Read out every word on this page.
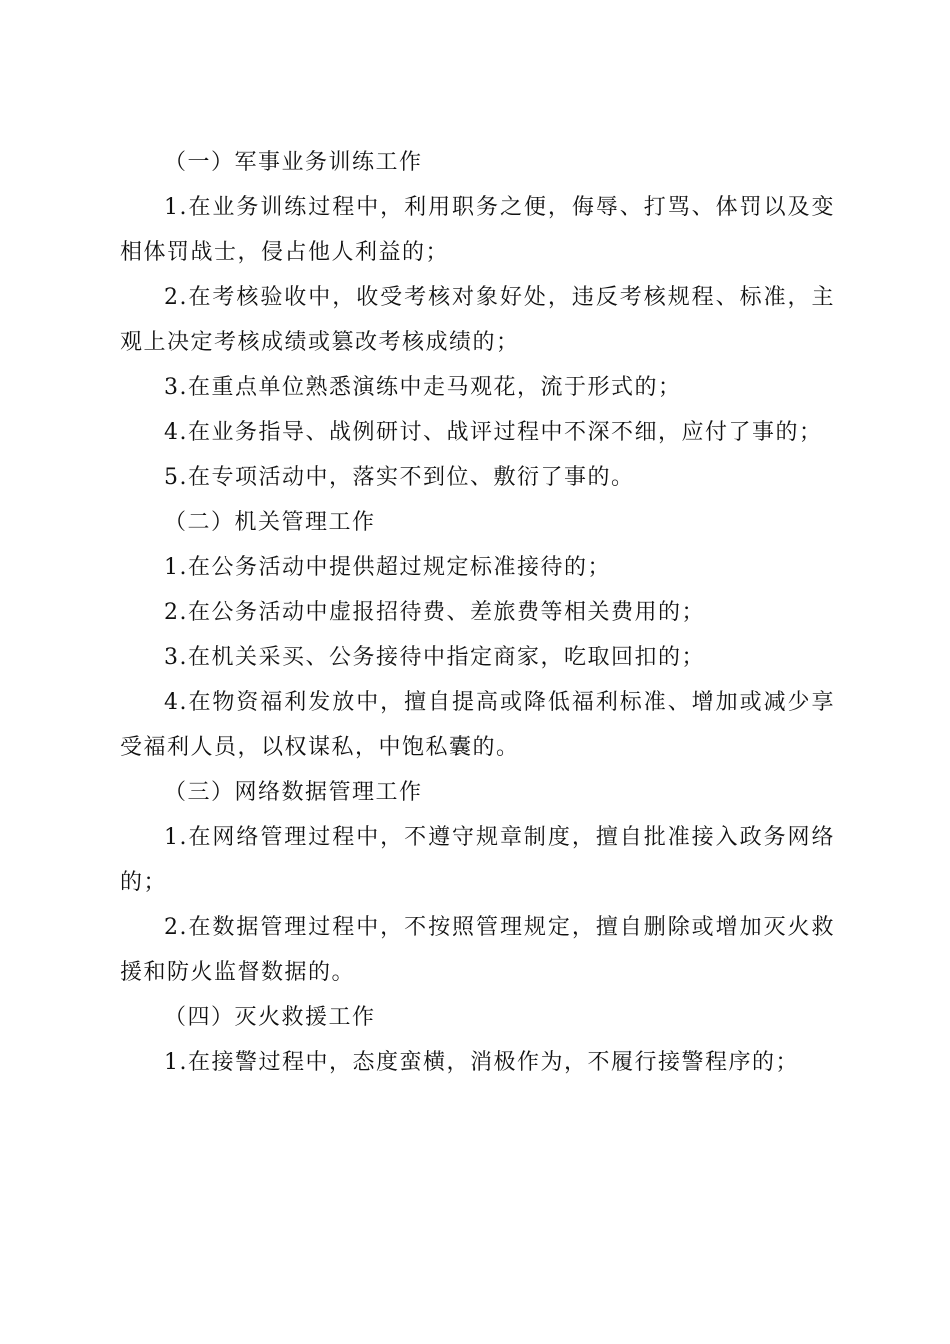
（一）军事业务训练工作

1.在业务训练过程中，利用职务之便，侮辱、打骂、体罚以及变相体罚战士，侵占他人利益的；

2.在考核验收中，收受考核对象好处，违反考核规程、标准，主观上决定考核成绩或篡改考核成绩的；

3.在重点单位熟悉演练中走马观花，流于形式的；

4.在业务指导、战例研讨、战评过程中不深不细，应付了事的；

5.在专项活动中，落实不到位、敷衍了事的。

（二）机关管理工作

1.在公务活动中提供超过规定标准接待的；

2.在公务活动中虚报招待费、差旅费等相关费用的；

3.在机关采买、公务接待中指定商家，吃取回扣的；

4.在物资福利发放中，擅自提高或降低福利标准、增加或减少享受福利人员，以权谋私，中饱私囊的。

（三）网络数据管理工作

1.在网络管理过程中，不遵守规章制度，擅自批准接入政务网络的；

2.在数据管理过程中，不按照管理规定，擅自删除或增加灭火救援和防火监督数据的。

（四）灭火救援工作

1.在接警过程中，态度蛮横，消极作为，不履行接警程序的；
